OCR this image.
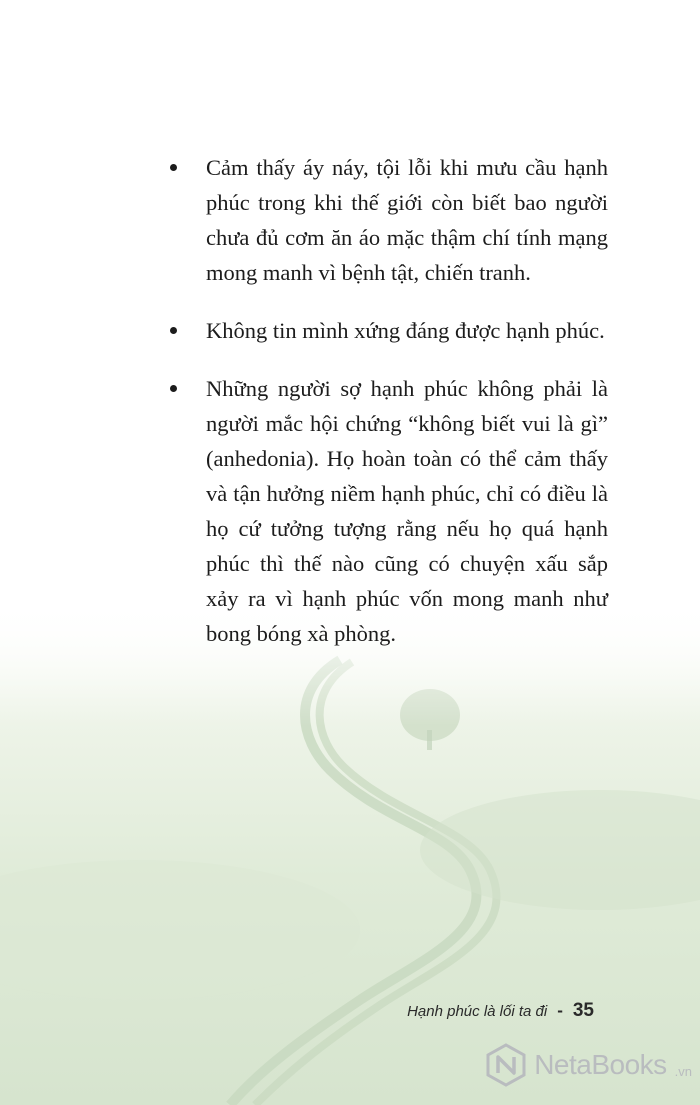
Cảm thấy áy náy, tội lỗi khi mưu cầu hạnh phúc trong khi thế giới còn biết bao người chưa đủ cơm ăn áo mặc thậm chí tính mạng mong manh vì bệnh tật, chiến tranh.
Không tin mình xứng đáng được hạnh phúc.
Những người sợ hạnh phúc không phải là người mắc hội chứng “không biết vui là gì” (anhedonia). Họ hoàn toàn có thể cảm thấy và tận hưởng niềm hạnh phúc, chỉ có điều là họ cứ tưởng tượng rằng nếu họ quá hạnh phúc thì thế nào cũng có chuyện xấu sắp xảy ra vì hạnh phúc vốn mong manh như bong bóng xà phòng.
Hạnh phúc là lối ta đi - 35
NetaBooks .vn
